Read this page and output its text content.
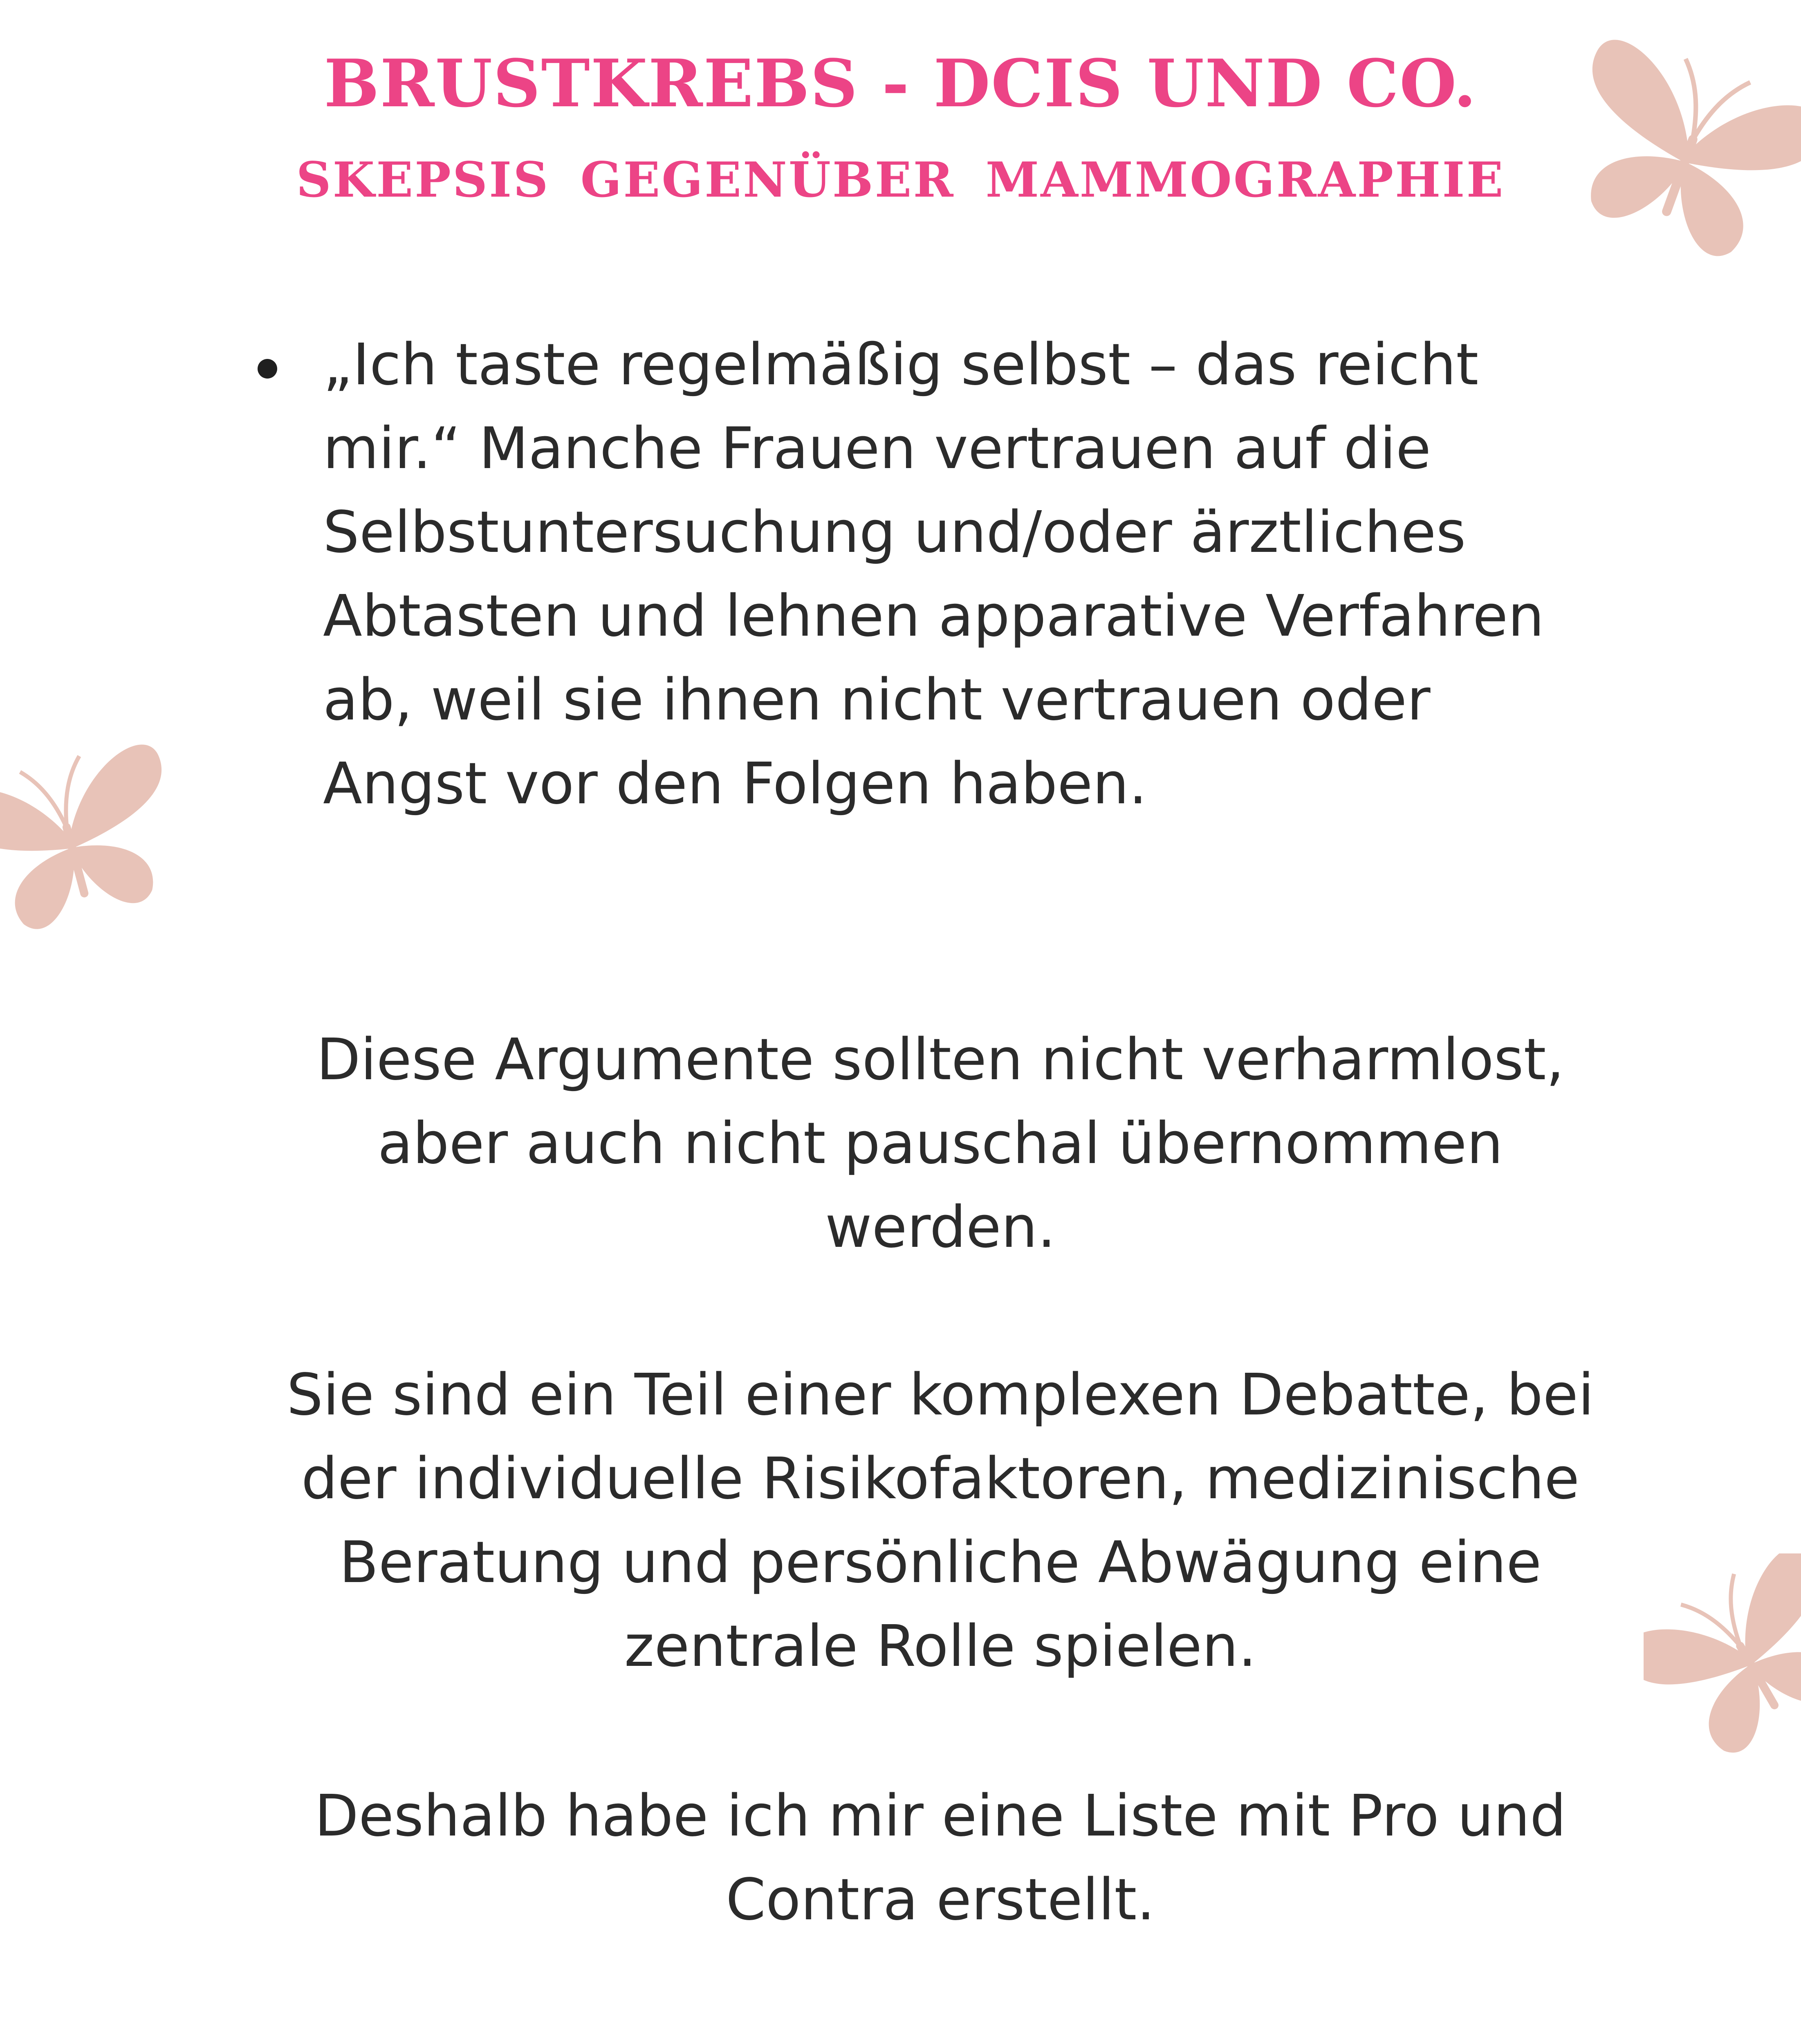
BRUSTKREBS - DCIS UND CO.
SKEPSIS GEGENÜBER MAMMOGRAPHIE
„Ich taste regelmäßig selbst – das reicht
mir.“ Manche Frauen vertrauen auf die
Selbstuntersuchung und/oder ärztliches
Abtasten und lehnen apparative Verfahren
ab, weil sie ihnen nicht vertrauen oder
Angst vor den Folgen haben.
Diese Argumente sollten nicht verharmlost,
aber auch nicht pauschal übernommen
werden.
Sie sind ein Teil einer komplexen Debatte, bei
der individuelle Risikofaktoren, medizinische
Beratung und persönliche Abwägung eine
zentrale Rolle spielen.
Deshalb habe ich mir eine Liste mit Pro und
Contra erstellt.
